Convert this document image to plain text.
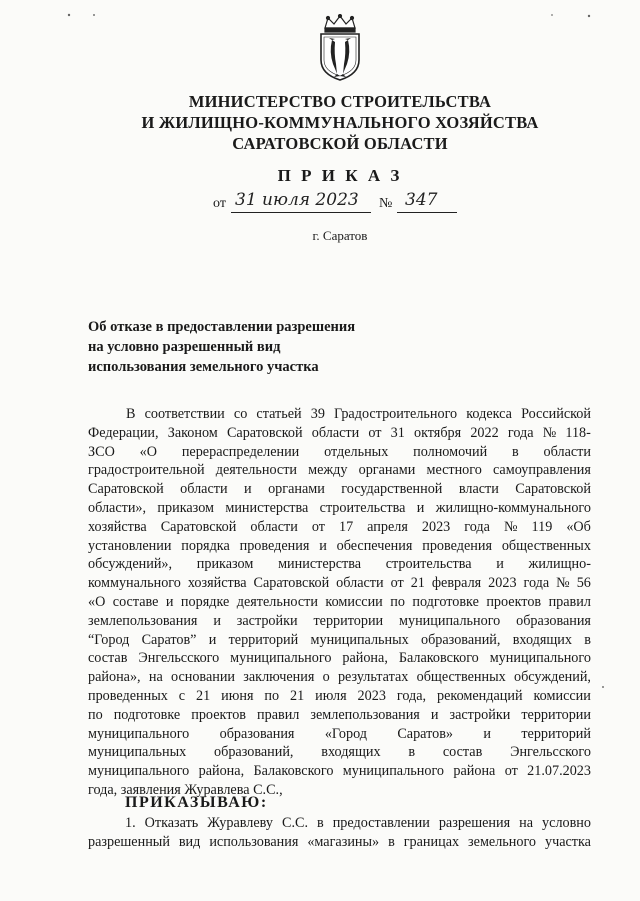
МИНИСТЕРСТВО СТРОИТЕЛЬСТВА
И ЖИЛИЩНО-КОММУНАЛЬНОГО ХОЗЯЙСТВА
САРАТОВСКОЙ ОБЛАСТИ
П Р И К А З
от 31 июля 2023 № 347
г. Саратов
Об отказе в предоставлении разрешения
на условно разрешенный вид
использования земельного участка
В соответствии со статьей 39 Градостроительного кодекса Российской
Федерации, Законом Саратовской области от 31 октября 2022 года № 118-
ЗСО «О перераспределении отдельных полномочий в области
градостроительной деятельности между органами местного самоуправления
Саратовской области и органами государственной власти Саратовской
области», приказом министерства строительства и жилищно-коммунального
хозяйства Саратовской области от 17 апреля 2023 года № 119 «Об
установлении порядка проведения и обеспечения проведения общественных
обсуждений», приказом министерства строительства и жилищно-
коммунального хозяйства Саратовской области от 21 февраля 2023 года № 56
«О составе и порядке деятельности комиссии по подготовке проектов правил
землепользования и застройки территории муниципального образования
“Город Саратов” и территорий муниципальных образований, входящих в
состав Энгельсского муниципального района, Балаковского муниципального
района», на основании заключения о результатах общественных обсуждений,
проведенных с 21 июня по 21 июля 2023 года, рекомендаций комиссии
по подготовке проектов правил землепользования и застройки территории
муниципального образования «Город Саратов» и территорий
муниципальных образований, входящих в состав Энгельсского
муниципального района, Балаковского муниципального района от 21.07.2023
года, заявления Журавлева С.С.,
ПРИКАЗЫВАЮ:
1. Отказать Журавлеву С.С. в предоставлении разрешения на условно
разрешенный вид использования «магазины» в границах земельного участка
